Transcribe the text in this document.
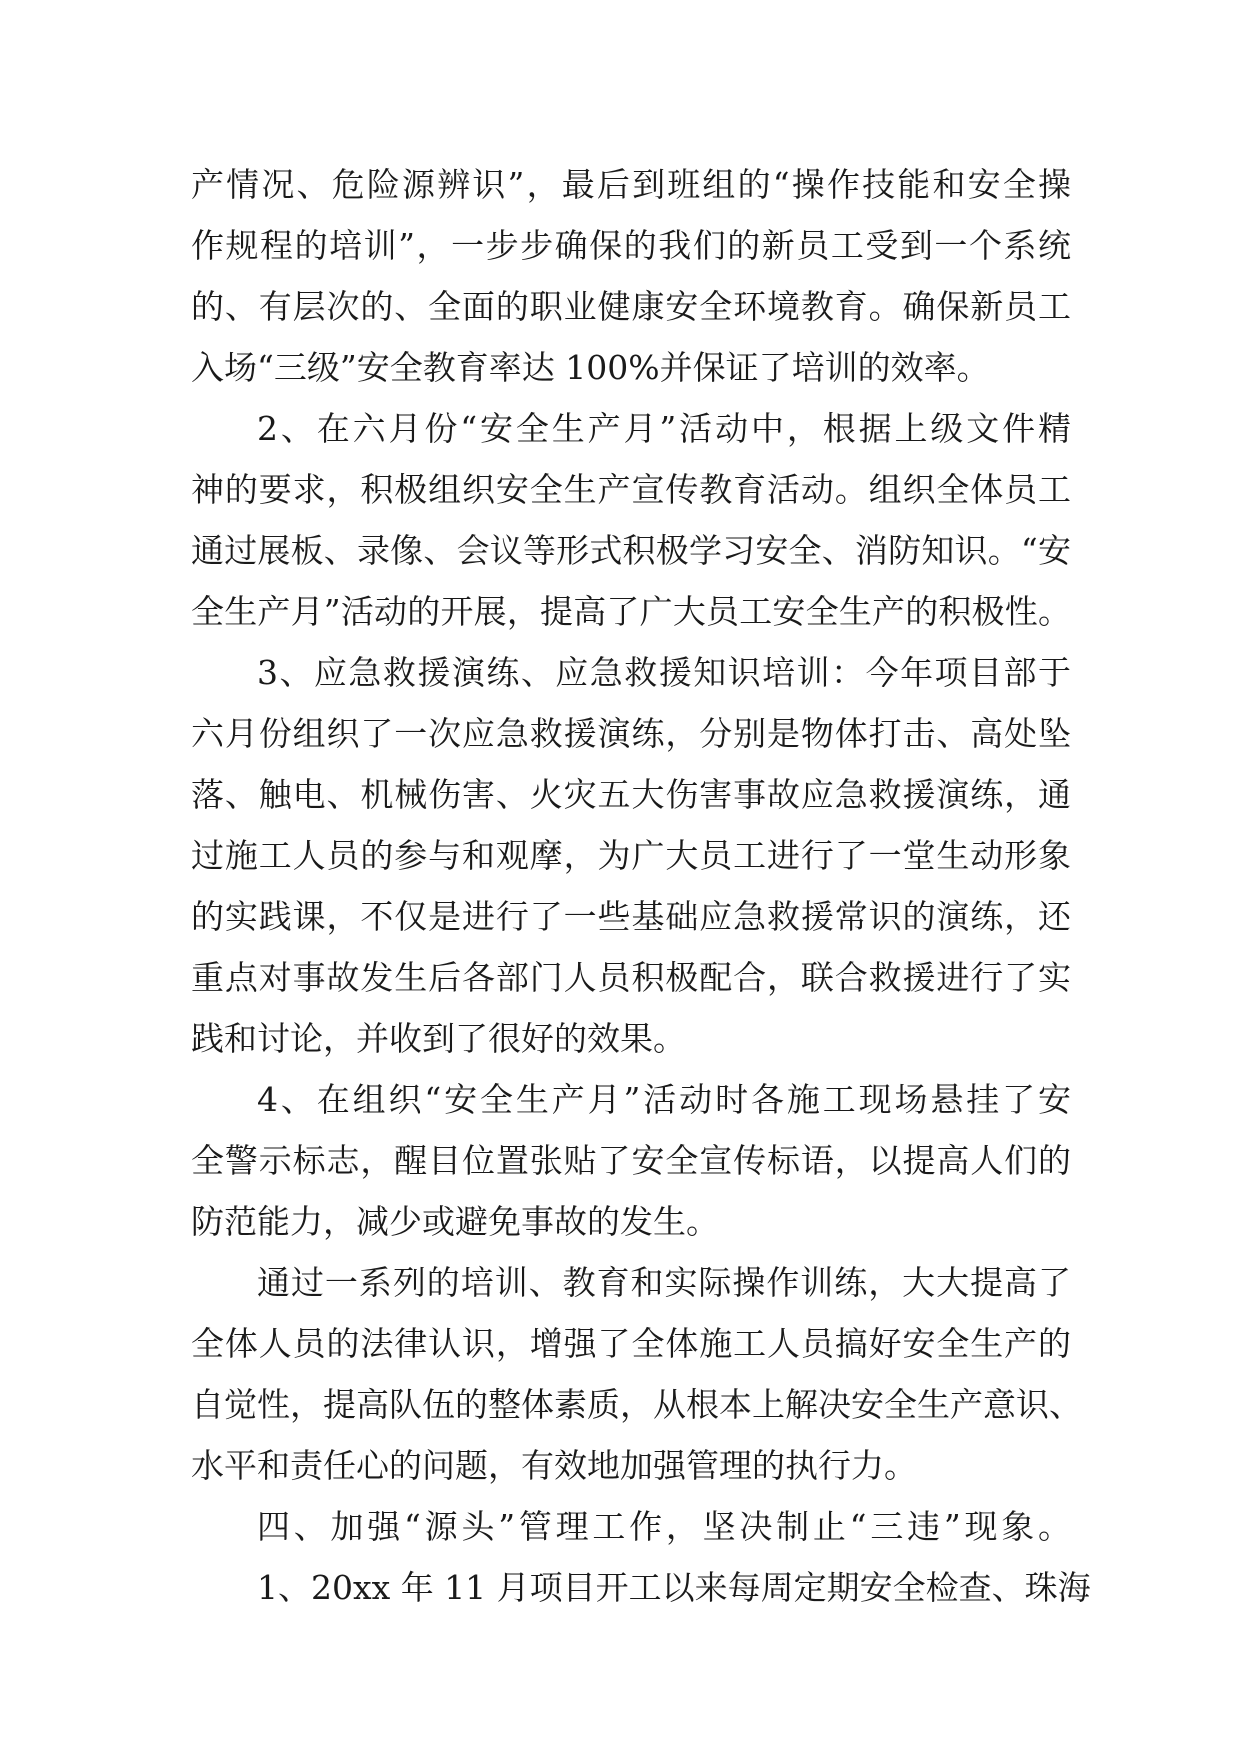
产情况、危险源辨识”，最后到班组的“操作技能和安全操
作规程的培训”，一步步确保的我们的新员工受到一个系统
的、有层次的、全面的职业健康安全环境教育。确保新员工
入场“三级”安全教育率达 100%并保证了培训的效率。
2、在六月份“安全生产月”活动中，根据上级文件精
神的要求，积极组织安全生产宣传教育活动。组织全体员工
通过展板、录像、会议等形式积极学习安全、消防知识。“安
全生产月”活动的开展，提高了广大员工安全生产的积极性。
3、应急救援演练、应急救援知识培训：今年项目部于
六月份组织了一次应急救援演练，分别是物体打击、高处坠
落、触电、机械伤害、火灾五大伤害事故应急救援演练，通
过施工人员的参与和观摩，为广大员工进行了一堂生动形象
的实践课，不仅是进行了一些基础应急救援常识的演练，还
重点对事故发生后各部门人员积极配合，联合救援进行了实
践和讨论，并收到了很好的效果。
4、在组织“安全生产月”活动时各施工现场悬挂了安
全警示标志，醒目位置张贴了安全宣传标语，以提高人们的
防范能力，减少或避免事故的发生。
通过一系列的培训、教育和实际操作训练，大大提高了
全体人员的法律认识，增强了全体施工人员搞好安全生产的
自觉性，提高队伍的整体素质，从根本上解决安全生产意识、
水平和责任心的问题，有效地加强管理的执行力。
四、加强“源头”管理工作，坚决制止“三违”现象。
1、20xx 年 11 月项目开工以来每周定期安全检查、珠海
